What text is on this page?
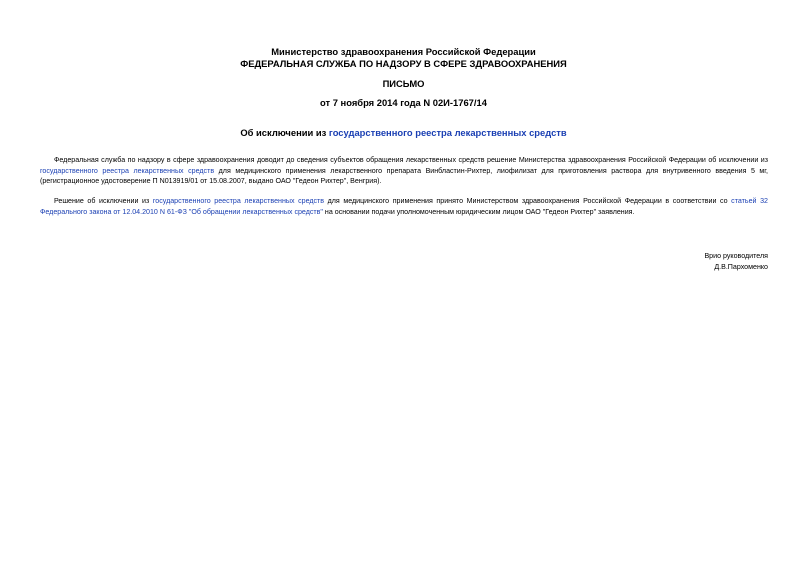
Министерство здравоохранения Российской Федерации
ФЕДЕРАЛЬНАЯ СЛУЖБА ПО НАДЗОРУ В СФЕРЕ ЗДРАВООХРАНЕНИЯ
ПИСЬМО
от 7 ноября 2014 года N 02И-1767/14
Об исключении из государственного реестра лекарственных средств

Федеральная служба по надзору в сфере здравоохранения доводит до сведения субъектов обращения лекарственных средств решение Министерства здравоохранения Российской Федерации об исключении из государственного реестра лекарственных средств для медицинского применения лекарственного препарата Винбластин-Рихтер, лиофилизат для приготовления раствора для внутривенного введения 5 мг, (регистрационное удостоверение П N013919/01 от 15.08.2007, выдано ОАО "Гедеон Рихтер", Венгрия).

Решение об исключении из государственного реестра лекарственных средств для медицинского применения принято Министерством здравоохранения Российской Федерации в соответствии со статьей 32 Федерального закона от 12.04.2010 N 61-ФЗ "Об обращении лекарственных средств" на основании подачи уполномоченным юридическим лицом ОАО "Гедеон Рихтер" заявления.

Врио руководителя
Д.В.Пархоменко
